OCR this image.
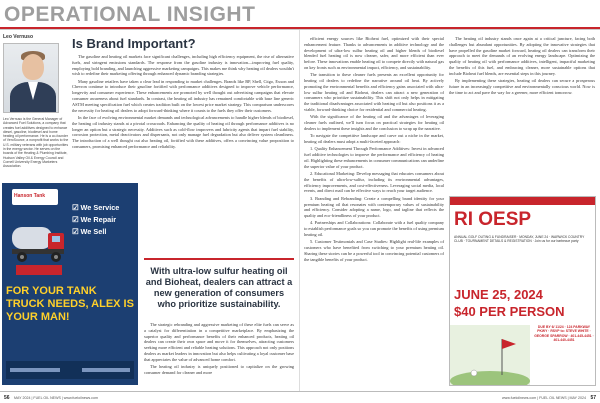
OPERATIONAL INSIGHT
Leo Vernuso
Leo Vernuso is the General Manager of Advanced Fuel Solutions, a company that creates fuel additives designed to enhance diesel, gasoline, biodiesel and home heating oil performance. He is a co-founder of VeroSource, a nonprofit that works to the U.S. military veterans with job opportunities in the energy sector. He serves on the boards of the Heating & Plumbing Institute, Hudson Valley Oil & Energy Council and Cornell University Energy Marketers Association.
Is Brand Important?

The gasoline and heating oil markets face significant challenges, including high efficiency equipment, the rise of alternative fuels, and stringent emissions standards. The response from the gasoline industry is innovation—improving fuel quality, employing bold branding, and launching aggressive marketing campaigns. This makes me think why heating oil dealers wouldn't wish to redefine their marketing offering through enhanced dynamic branding strategies.

Many gasoline retailers have taken a clear lead in responding to market challenges. Brands like BP, Shell, Citgo, Exxon and Chevron continue to introduce their gasoline fortified with performance additives designed to improve vehicle performance, longevity and consumer experience. These enhancements are promoted by well thought out advertising campaigns that elevate consumer awareness about fuel standards. In contrast, the heating oil industry has remained comfortable with base line generic ASTM meeting specification fuel which creates tradition built on the lowest price market strategy. This comparison underscores the necessity for heating oil dealers to adopt forward-thinking where it counts to the fuels they offer their customers.

In the face of evolving environmental market demands and technological advancements to handle higher blends of biodiesel, the heating oil industry stands at a pivotal crossroads. Enhancing the quality of heating oil through performance additives is no longer an option but a strategic necessity. Additives such as cold-flow improvers and lubricity agents that impart fuel stability, corrosion protection, metal deactivators and dispersants, not only manage fuel degradation but also deliver system cleanliness. The introduction of a well thought out also heating oil, fortified with these additives, offers a convincing value proposition to consumers, promising enhanced performance and reliability.

With ultra-low sulfur heating oil and Bioheat, dealers can attract a new generation of consumers who prioritize sustainability.

The strategic rebranding and aggressive marketing of these elite fuels can serve as a catalyst for differentiation in a competitive marketplace. By emphasizing the superior quality and performance benefits of their enhanced products, heating oil dealers can create their own space and move it for themselves, attracting customers seeking more efficient and reliable heating solutions. This approach not only positions dealers as market leaders in innovation but also helps cultivating a loyal customer base that appreciates the value of advanced home comfort.

The heating oil industry is uniquely positioned to capitalize on the growing consumer demand for cleaner and more

efficient energy sources like Bioheat fuel, optimized with their special enhancement feature. Thanks to advancements in additive technology and the development of ultra-low sulfur heating oil and higher blends of biodiesel blended fuel heating oil is now cleaner, safer, and more efficient than ever before. These innovations enable heating oil to compete directly with natural gas on key fronts such as environmental impact, efficiency, and sustainability.

The transition to these cleaner fuels presents an excellent opportunity for heating oil dealers to redefine the narrative around oil heat. By actively promoting the environmental benefits and efficiency gains associated with ultra-low sulfur heating oil and Bioheat, dealers can attract a new generation of consumers who prioritize sustainability. This shift not only helps in mitigating the traditional disadvantages associated with heating oil but also positions it as a viable, forward-thinking choice for residential and commercial heating.

With the significance of the heating oil and the advantages of leveraging cleaner fuels outlined, we'll turn focus on practical strategies for heating oil dealers to implement these insights and the conclusion to wrap up the narrative.

To navigate the competitive landscape and carve out a niche in the market, heating oil dealers must adopt a multi-faceted approach:

1. Quality Enhancement Through Performance Additives: Invest in advanced fuel additive technologies to improve the performance and efficiency of heating oil. Highlighting these enhancements in consumer communications can underline the superior value of your product.

2. Educational Marketing: Develop messaging that educates consumers about the benefits of ultra-low-sulfur, including its environmental advantages, efficiency improvements, and cost-effectiveness. Leveraging social media, local events, and direct mail can be effective ways to reach your target audience.

3. Branding and Rebranding: Create a compelling brand identity for your premium heating oil that resonates with contemporary values of sustainability and efficiency. Consider adopting a name, logo, and tagline that reflects the quality and eco-friendliness of your product.

4. Partnerships and Collaborations: Collaborate with a fuel quality company to establish performance goals so you can promote the benefits of using premium heating oil.

5. Customer Testimonials and Case Studies: Highlight real-life examples of customers who have benefited from switching to your premium heating oil. Sharing these stories can be a powerful tool in convincing potential customers of the tangible benefits of your product.

The heating oil industry stands once again at a critical juncture, facing both challenges but abundant opportunities. By adopting the innovative strategies that have propelled the gasoline market forward, heating oil dealers can transform their approach to meet the demands of an evolving energy landscape. Optimizing the quality of heating oil with performance additives, intelligent, impactful marketing the benefits of this fuel, and embracing cleaner, more sustainable options that include Bioheat fuel blends, are essential steps in this journey.

By implementing these strategies, heating oil dealers can secure a prosperous future in an increasingly competitive and environmentally conscious world. Now is the time to act and pave the way for a greener, more efficient tomorrow.

Hanson Tank
☑ We Service
☑ We Repair
☑ We Sell
FOR YOUR TANK TRUCK NEEDS, ALEX IS YOUR MAN!
RI OESP
ANNUAL GOLF OUTING & FUNDRAISER · MONDAY, JUNE 24 · WARWICK COUNTRY CLUB · TOURNAMENT DETAILS & REGISTRATION · Join us for our barbecue party
JUNE 25, 2024
$40 PER PERSON
DUE BY 6/ 11/24 · 124 PARKWAY PKWY · RSVP to: STEVE WHITE · GEORGE SPARROW · 401-445-4451 · 401-440-4451
56 MAY 2024 | FUEL OIL NEWS | www.fueloilnews.com	www.fueloilnews.com | FUEL OIL NEWS | MAY 2024 57
